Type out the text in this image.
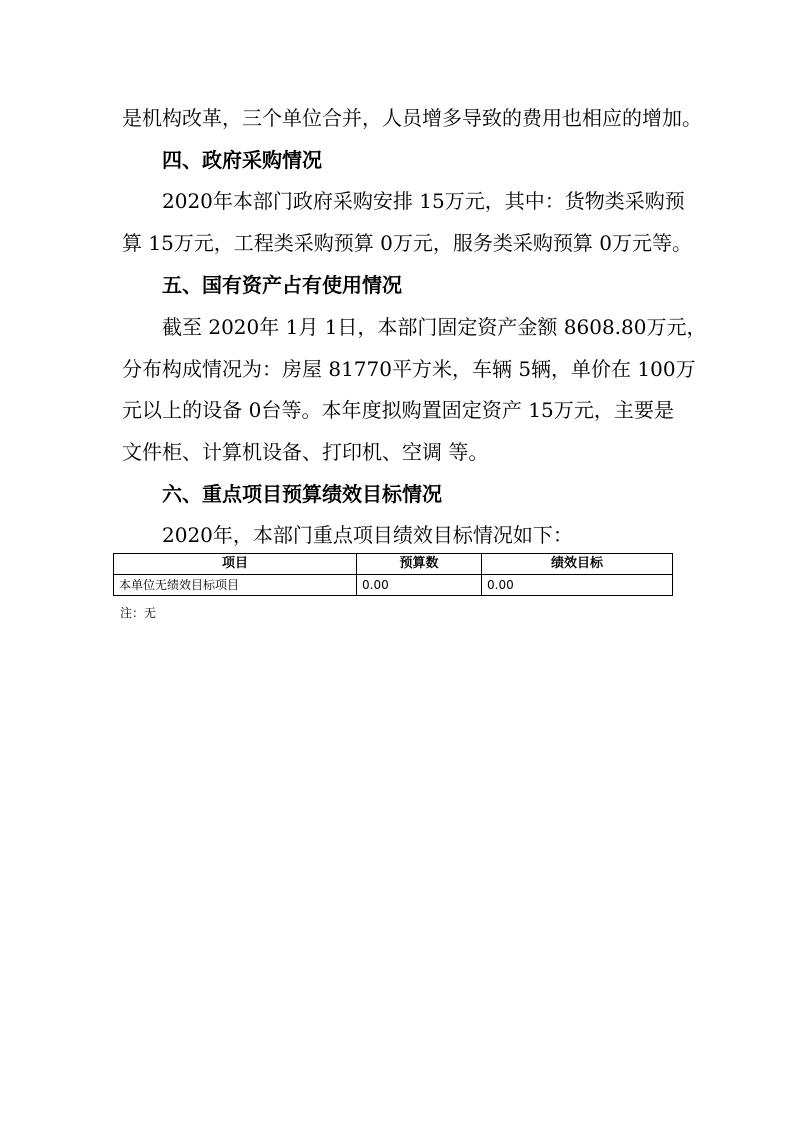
是机构改革，三个单位合并，人员增多导致的费用也相应的增加。
四、政府采购情况
2020年本部门政府采购安排 15万元，其中：货物类采购预
算 15万元，工程类采购预算 0万元，服务类采购预算 0万元等。
五、国有资产占有使用情况
截至 2020年 1月 1日，本部门固定资产金额 8608.80万元，
分布构成情况为：房屋 81770平方米，车辆 5辆，单价在 100万
元以上的设备 0台等。本年度拟购置固定资产 15万元，主要是
文件柜、计算机设备、打印机、空调 等。
六、重点项目预算绩效目标情况
2020年，本部门重点项目绩效目标情况如下：
项目	预算数	绩效目标
本单位无绩效目标项目	0.00	0.00
注：无
